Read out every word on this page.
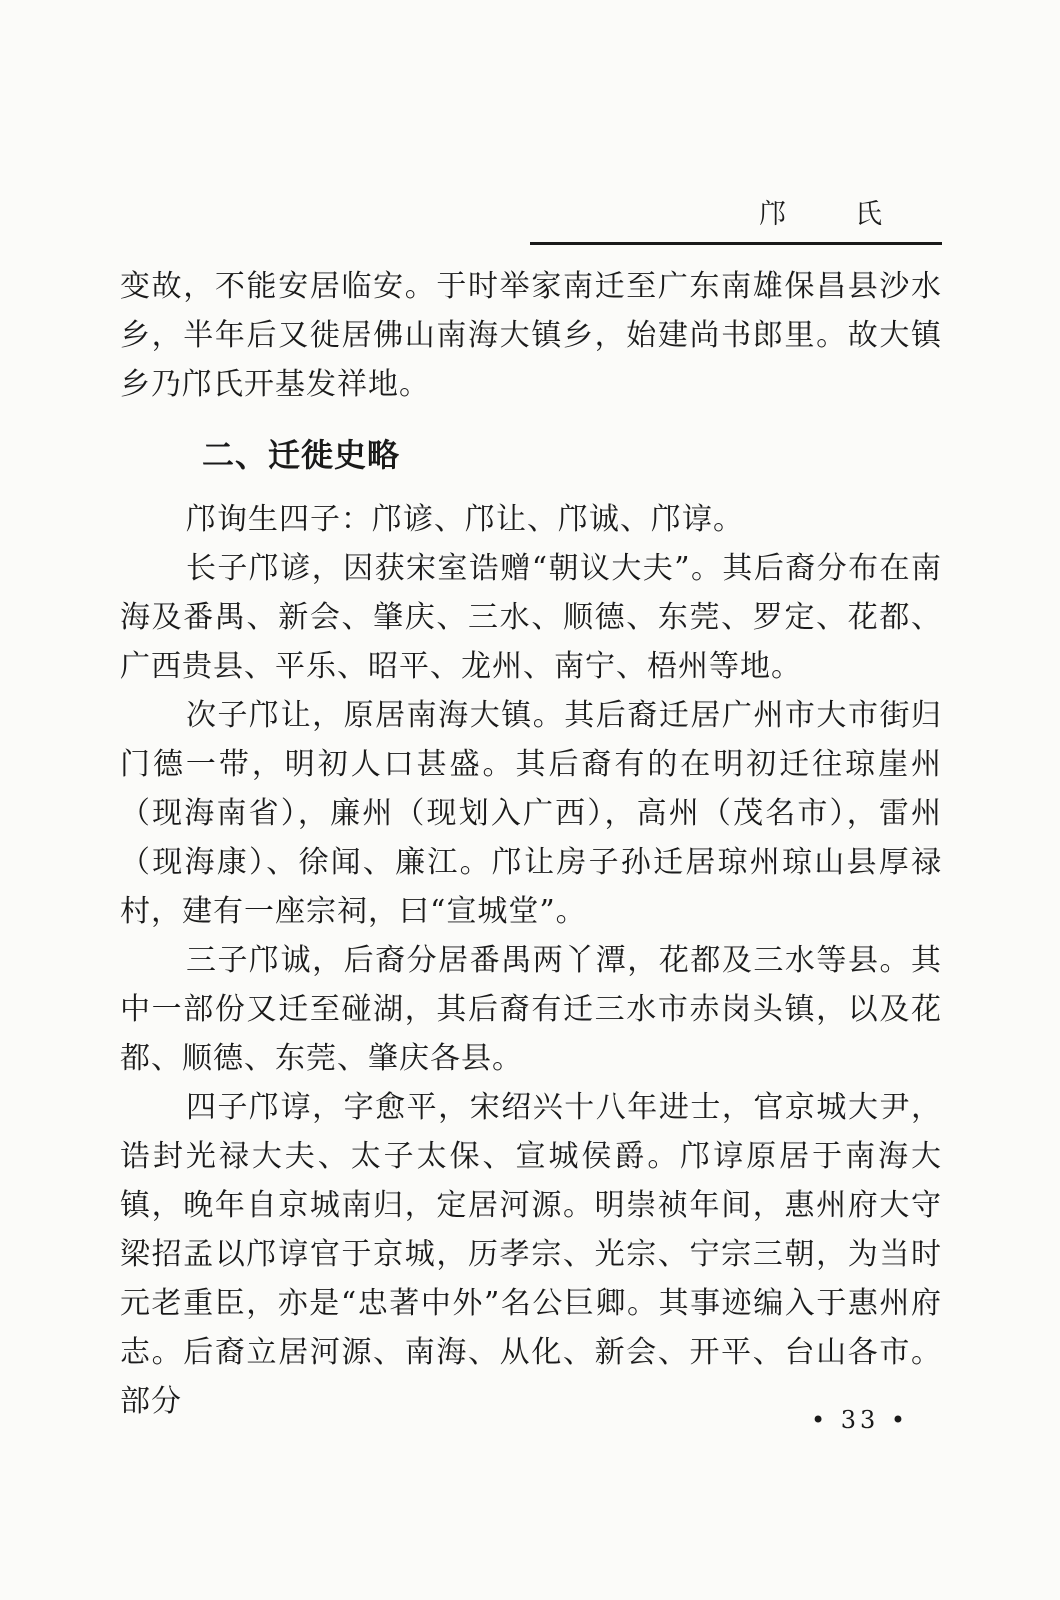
邝 氏

变故，不能安居临安。于时举家南迁至广东南雄保昌县沙水乡，半年后又徙居佛山南海大镇乡，始建尚书郎里。故大镇乡乃邝氏开基发祥地。

二、迁徙史略

邝询生四子：邝谚、邝让、邝诚、邝谆。

长子邝谚，因获宋室诰赠“朝议大夫”。其后裔分布在南海及番禺、新会、肇庆、三水、顺德、东莞、罗定、花都、广西贵县、平乐、昭平、龙州、南宁、梧州等地。

次子邝让，原居南海大镇。其后裔迁居广州市大市街归门德一带，明初人口甚盛。其后裔有的在明初迁往琼崖州（现海南省），廉州（现划入广西），高州（茂名市），雷州（现海康）、徐闻、廉江。邝让房子孙迁居琼州琼山县厚禄村，建有一座宗祠，曰“宣城堂”。

三子邝诚，后裔分居番禺两丫潭，花都及三水等县。其中一部份又迁至碰湖，其后裔有迁三水市赤岗头镇，以及花都、顺德、东莞、肇庆各县。

四子邝谆，字愈平，宋绍兴十八年进士，官京城大尹，诰封光禄大夫、太子太保、宣城侯爵。邝谆原居于南海大镇，晚年自京城南归，定居河源。明崇祯年间，惠州府大守梁招孟以邝谆官于京城，历孝宗、光宗、宁宗三朝，为当时元老重臣，亦是“忠著中外”名公巨卿。其事迹编入于惠州府志。后裔立居河源、南海、从化、新会、开平、台山各市。部分

• 33 •
